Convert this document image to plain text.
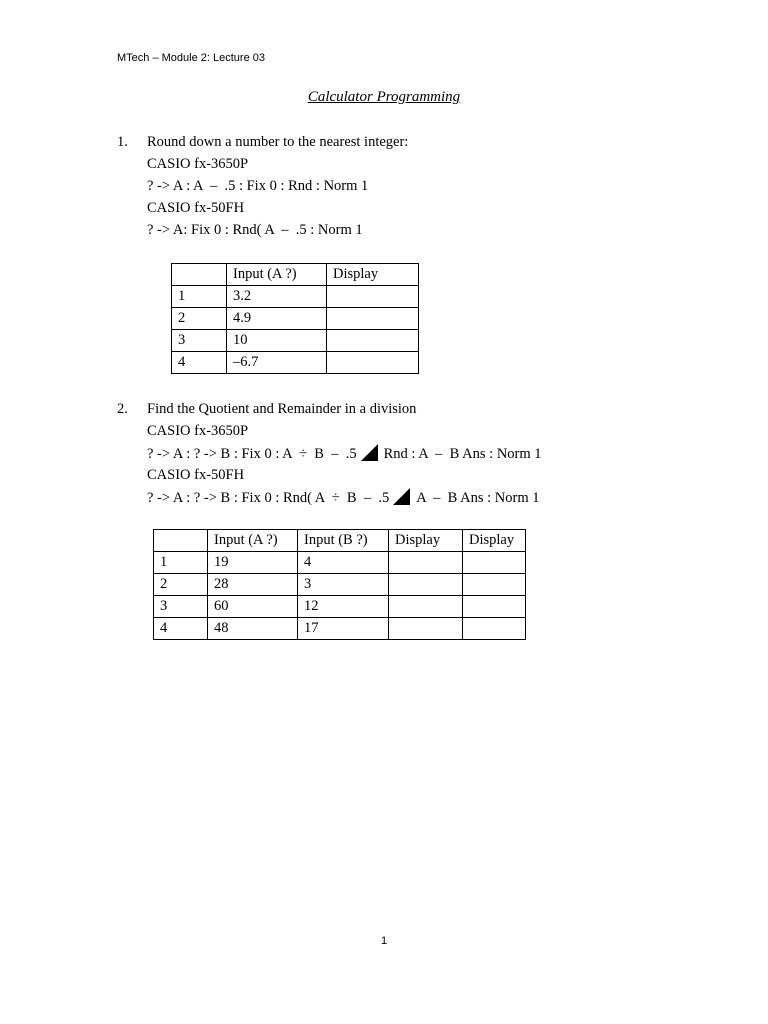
MTech – Module 2: Lecture 03
Calculator Programming
1. Round down a number to the nearest integer:
CASIO fx-3650P
? -> A : A  –  .5 : Fix 0 : Rnd : Norm 1
CASIO fx-50FH
? -> A: Fix 0 : Rnd( A  –  .5 : Norm 1
	Input (A ?)	Display
1	3.2	
2	4.9	
3	10	
4	–6.7	
2. Find the Quotient and Remainder in a division
CASIO fx-3650P
? -> A : ? -> B : Fix 0 : A  ÷  B  –  .5 Rnd : A  –  B Ans : Norm 1
CASIO fx-50FH
? -> A : ? -> B : Fix 0 : Rnd( A  ÷  B  –  .5 A  –  B Ans : Norm 1
	Input (A ?)	Input (B ?)	Display	Display
1	19	4		
2	28	3		
3	60	12		
4	48	17		
1
